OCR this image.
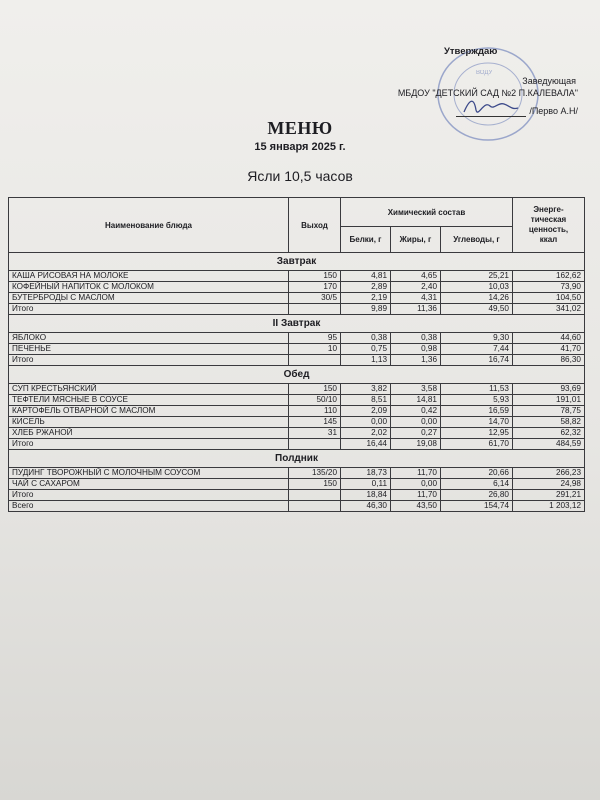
ВОДУ
Утверждаю
Заведующая
МБДОУ "ДЕТСКИЙ САД №2 П.КАЛЕВАЛА"
/Перво А.Н/
МЕНЮ
15 января 2025 г.
Ясли 10,5 часов
Наименование блюда	Выход	Химический состав			Энерге-
тическая
ценность,
ккал
		Белки, г	Жиры, г	Углеводы, г	
Завтрак					
КАША РИСОВАЯ НА МОЛОКЕ	150	4,81	4,65	25,21	162,62
КОФЕЙНЫЙ НАПИТОК С МОЛОКОМ	170	2,89	2,40	10,03	73,90
БУТЕРБРОДЫ С МАСЛОМ	30/5	2,19	4,31	14,26	104,50
Итого		9,89	11,36	49,50	341,02
II Завтрак					
ЯБЛОКО	95	0,38	0,38	9,30	44,60
ПЕЧЕНЬЕ	10	0,75	0,98	7,44	41,70
Итого		1,13	1,36	16,74	86,30
Обед					
СУП КРЕСТЬЯНСКИЙ	150	3,82	3,58	11,53	93,69
ТЕФТЕЛИ МЯСНЫЕ В СОУСЕ	50/10	8,51	14,81	5,93	191,01
КАРТОФЕЛЬ ОТВАРНОЙ С МАСЛОМ	110	2,09	0,42	16,59	78,75
КИСЕЛЬ	145	0,00	0,00	14,70	58,82
ХЛЕБ РЖАНОЙ	31	2,02	0,27	12,95	62,32
Итого		16,44	19,08	61,70	484,59
Полдник					
ПУДИНГ ТВОРОЖНЫЙ С МОЛОЧНЫМ СОУСОМ	135/20	18,73	11,70	20,66	266,23
ЧАЙ С САХАРОМ	150	0,11	0,00	6,14	24,98
Итого		18,84	11,70	26,80	291,21
Всего		46,30	43,50	154,74	1 203,12
